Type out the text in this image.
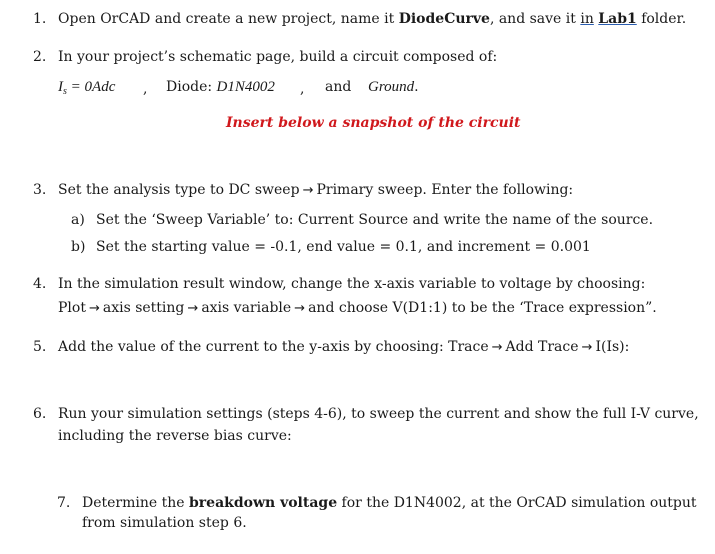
1. Open OrCAD and create a new project, name it DiodeCurve, and save it in Lab1 folder.
2. In your project’s schematic page, build a circuit composed of:
$I_s = 0Adc$ , Diode: D1N4002 , and Ground.
Insert below a snapshot of the circuit
3. Set the analysis type to DC sweep → Primary sweep. Enter the following:
a) Set the ‘Sweep Variable’ to: Current Source and write the name of the source.
b) Set the starting value = -0.1, end value = 0.1, and increment = 0.001
4. In the simulation result window, change the x-axis variable to voltage by choosing:
Plot → axis setting → axis variable → and choose V(D1:1) to be the ‘Trace expression”.
5. Add the value of the current to the y-axis by choosing: Trace → Add Trace → I(Is):
6. Run your simulation settings (steps 4-6), to sweep the current and show the full I-V curve,
including the reverse bias curve:
7. Determine the breakdown voltage for the D1N4002, at the OrCAD simulation output
from simulation step 6.
